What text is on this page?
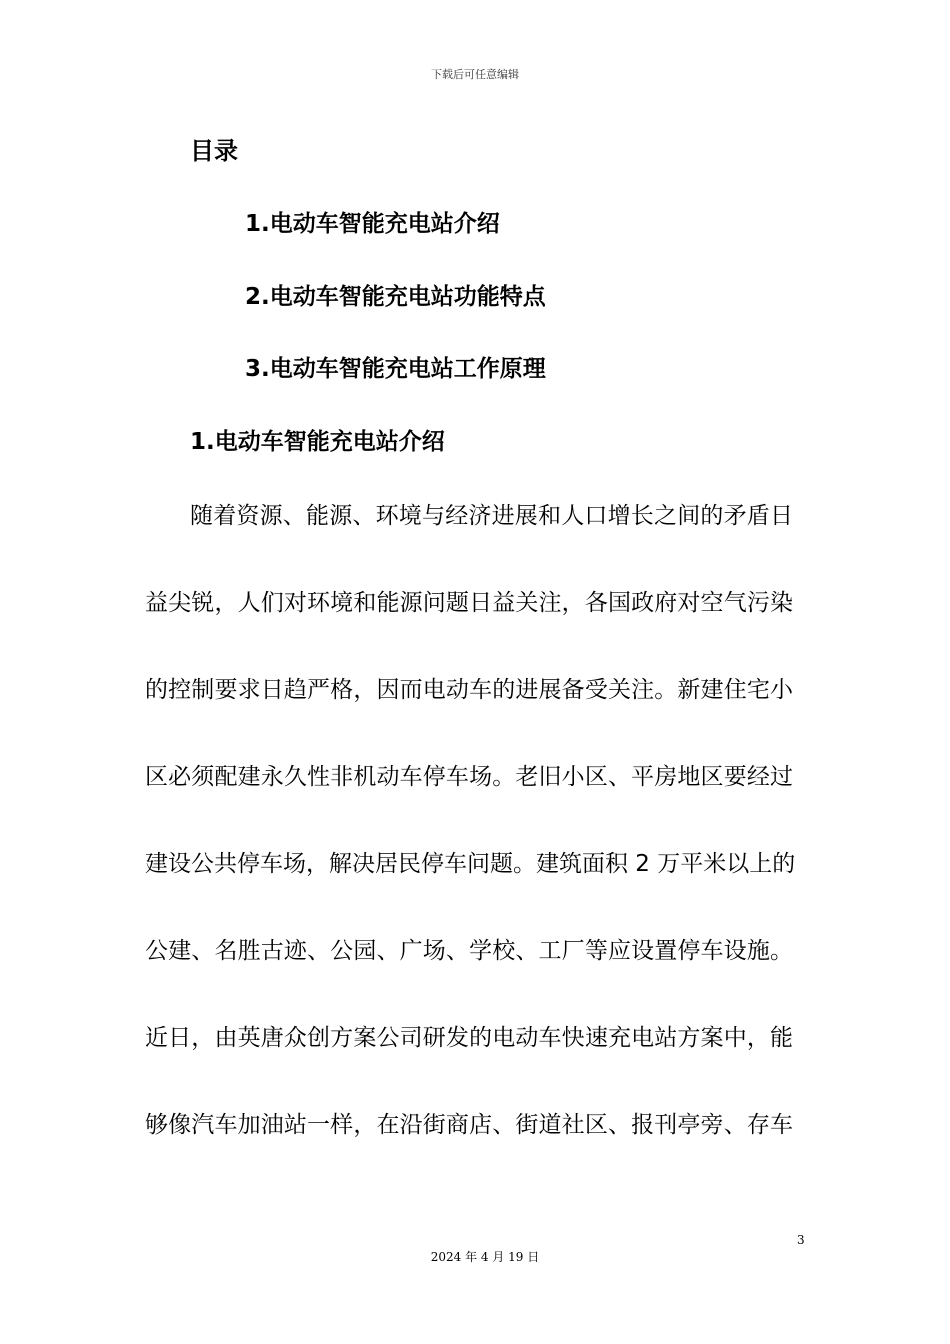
下载后可任意编辑
目录
1.电动车智能充电站介绍
2.电动车智能充电站功能特点
3.电动车智能充电站工作原理
1.电动车智能充电站介绍
随着资源、能源、环境与经济进展和人口增长之间的矛盾日
益尖锐，人们对环境和能源问题日益关注，各国政府对空气污染
的控制要求日趋严格，因而电动车的进展备受关注。新建住宅小
区必须配建永久性非机动车停车场。老旧小区、平房地区要经过
建设公共停车场，解决居民停车问题。建筑面积 2 万平米以上的
公建、名胜古迹、公园、广场、学校、工厂等应设置停车设施。
近日，由英唐众创方案公司研发的电动车快速充电站方案中，能
够像汽车加油站一样，在沿街商店、街道社区、报刊亭旁、存车
3
2024 年 4 月 19 日
